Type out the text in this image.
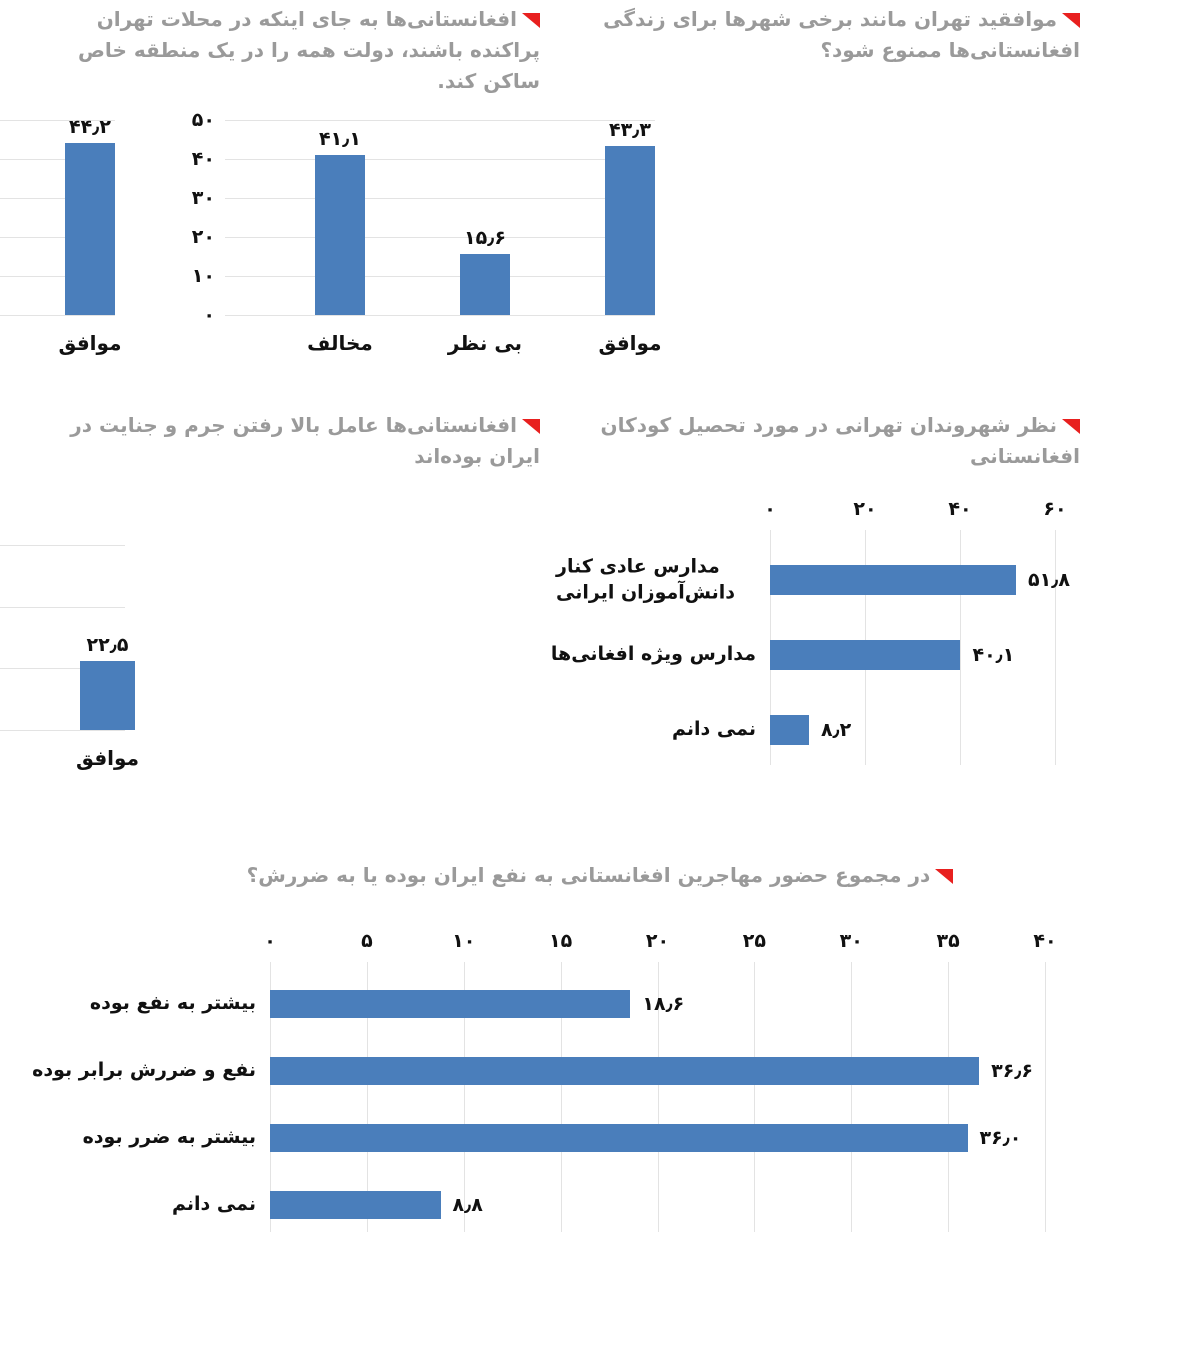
افغانستانی‌ها به جای اینکه در محلات تهران پراکنده باشند، دولت همه را در یک منطقه خاص ساکن کند.
۴۴٫۲
موافق
موافقید تهران مانند برخی شهرها برای زندگی افغانستانی‌ها ممنوع شود؟
۰
۱۰
۲۰
۳۰
۴۰
۵۰
۴۱٫۱
مخالف
۱۵٫۶
بی نظر
۴۳٫۳
موافق
افغانستانی‌ها عامل بالا رفتن جرم و جنایت در ایران بوده‌اند
۲۲٫۵
موافق
نظر شهروندان تهرانی در مورد تحصیل کودکان افغانستانی
۰	۲۰	۴۰	۶۰
۵۱٫۸
مدارس عادی کنار دانش‌آموزان ایرانی
۴۰٫۱
مدارس ویژه افغانی‌ها
۸٫۲
نمی دانم
در مجموع حضور مهاجرین افغانستانی به نفع ایران بوده یا به ضررش؟
۰	۵	۱۰	۱۵	۲۰	۲۵	۳۰	۳۵	۴۰
۱۸٫۶
بیشتر به نفع بوده
۳۶٫۶
نفع و ضررش برابر بوده
۳۶٫۰
بیشتر به ضرر بوده
۸٫۸
نمی دانم
